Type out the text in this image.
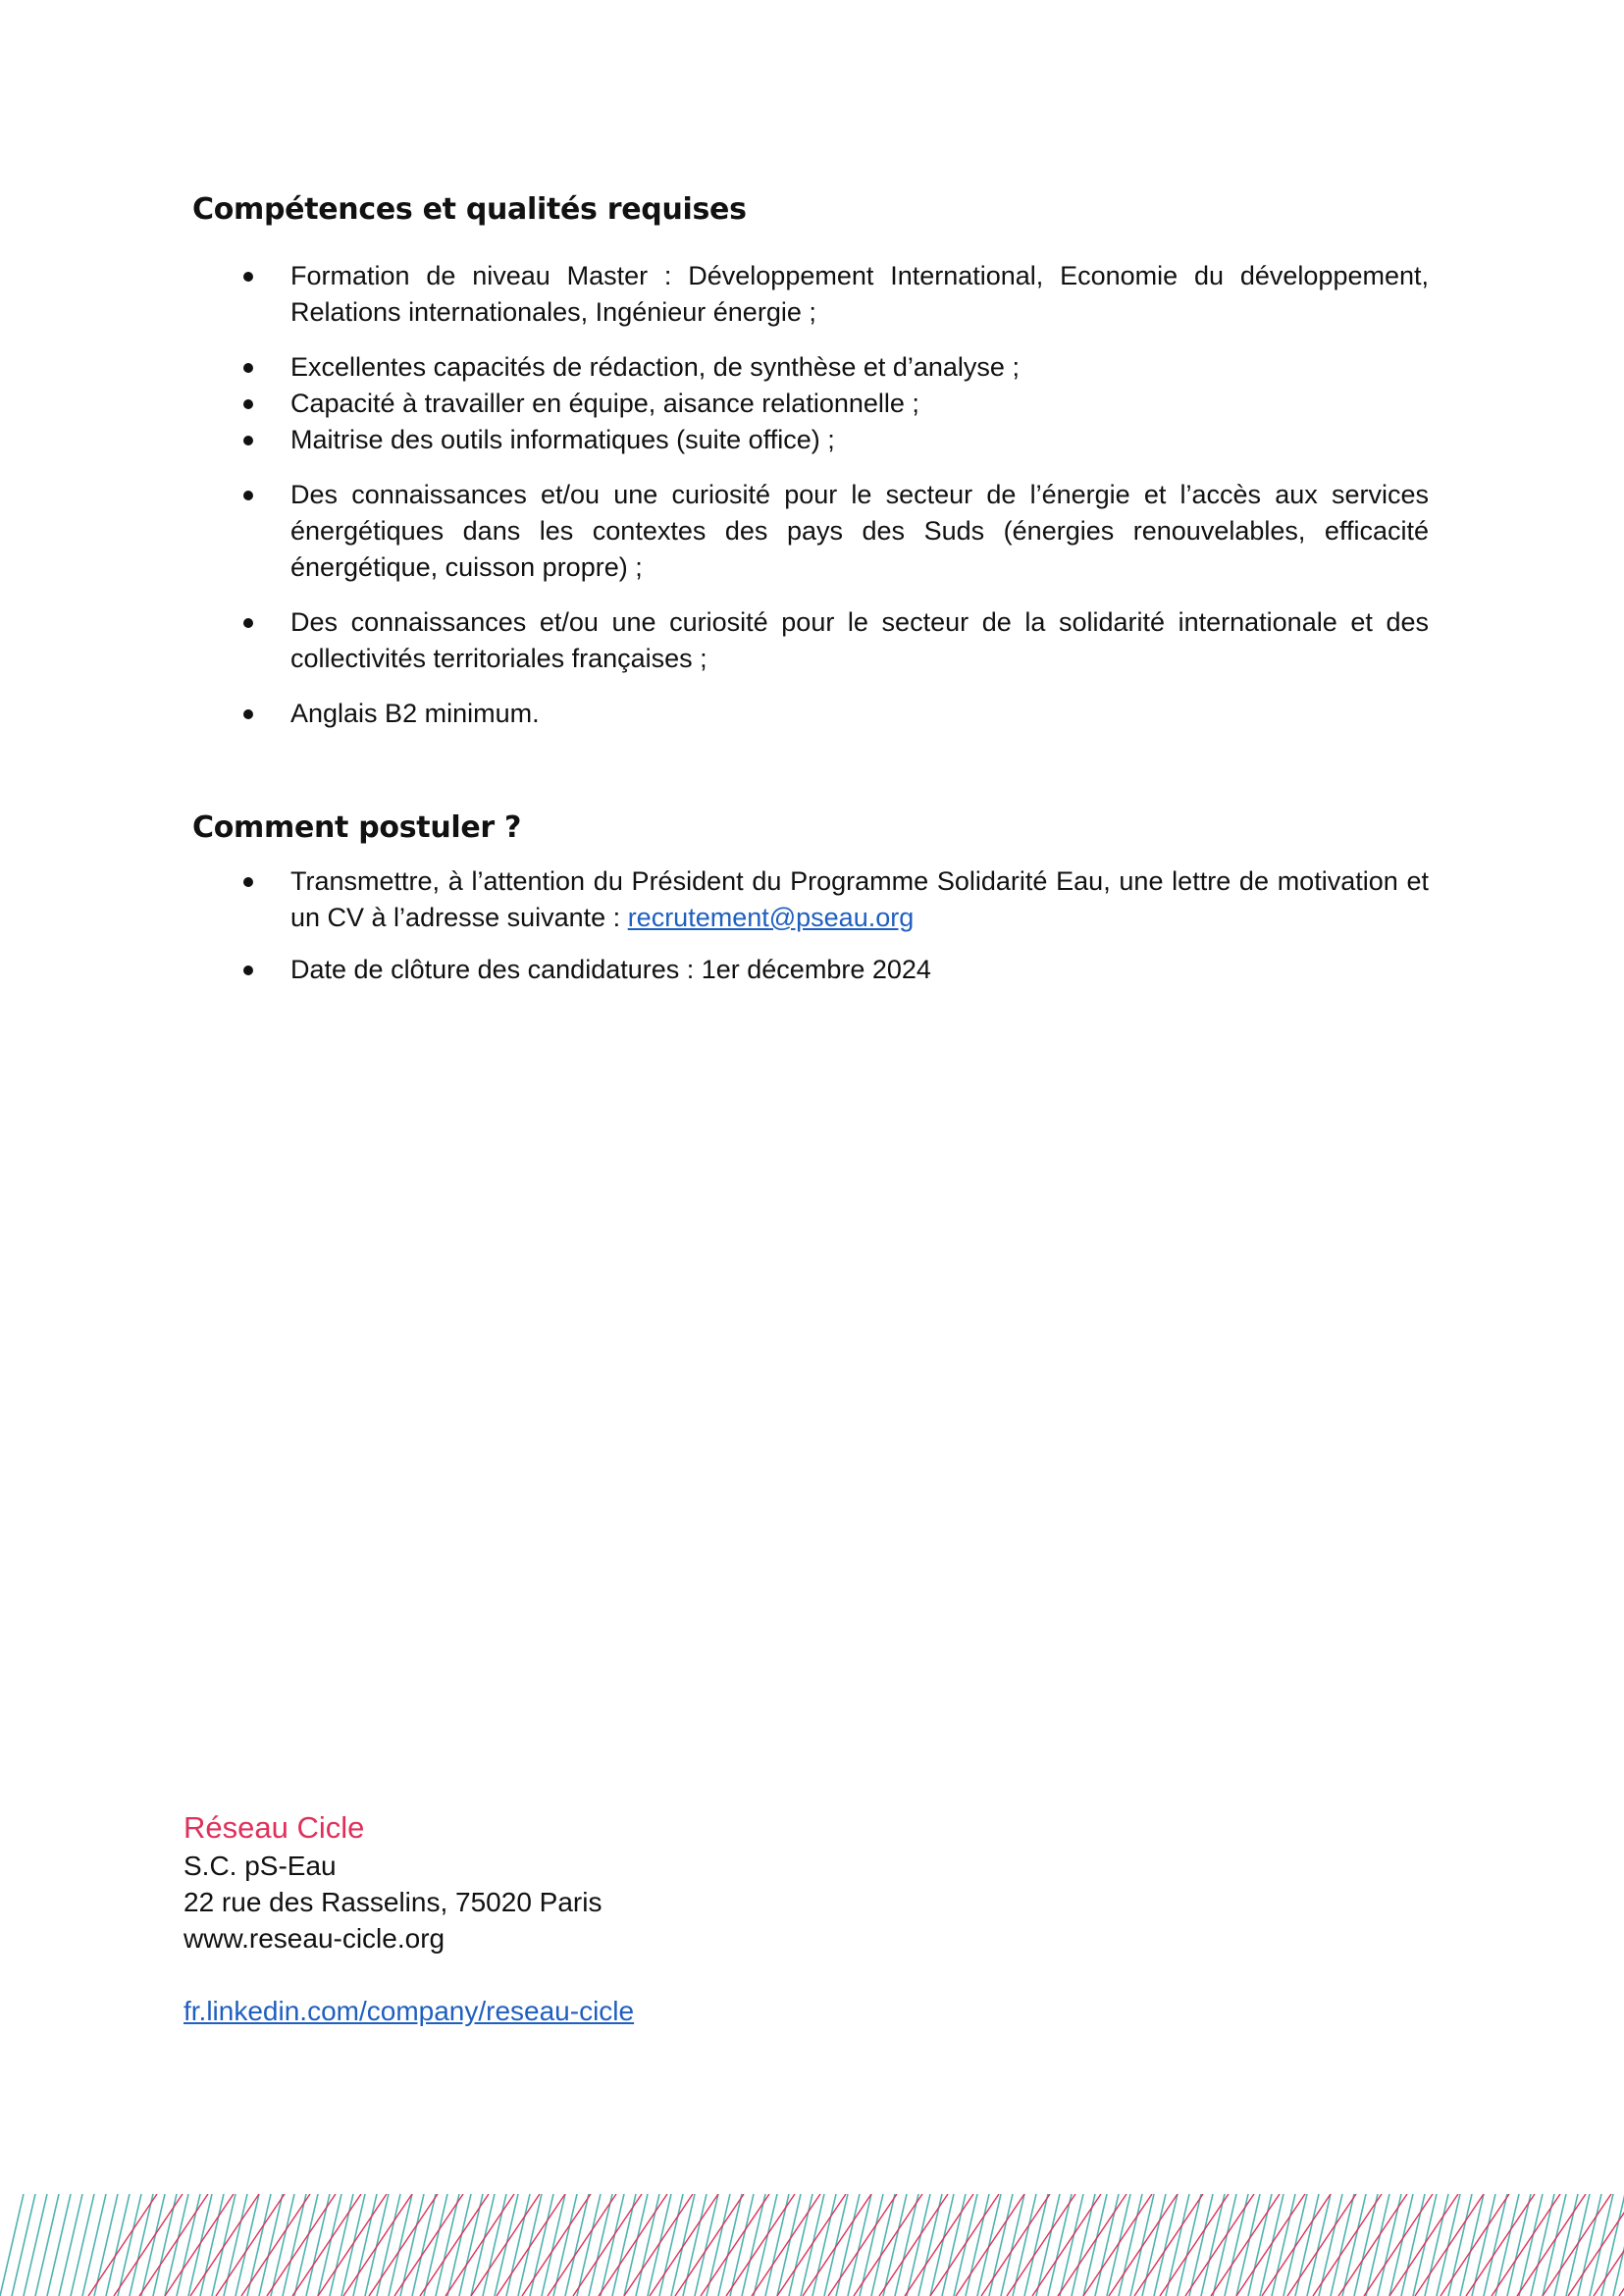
Compétences et qualités requises
Formation de niveau Master : Développement International, Economie du développement, Relations internationales, Ingénieur énergie ;
Excellentes capacités de rédaction, de synthèse et d’analyse ;
Capacité à travailler en équipe, aisance relationnelle ;
Maitrise des outils informatiques (suite office) ;
Des connaissances et/ou une curiosité pour le secteur de l’énergie et l’accès aux services énergétiques dans les contextes des pays des Suds (énergies renouvelables, efficacité énergétique, cuisson propre) ;
Des connaissances et/ou une curiosité pour le secteur de la solidarité internationale et des collectivités territoriales françaises ;
Anglais B2 minimum.
Comment postuler ?
Transmettre, à l’attention du Président du Programme Solidarité Eau, une lettre de motivation et un CV à l’adresse suivante : recrutement@pseau.org
Date de clôture des candidatures : 1er décembre 2024
Réseau Cicle
S.C. pS-Eau
22 rue des Rasselins, 75020 Paris
www.reseau-cicle.org
fr.linkedin.com/company/reseau-cicle
